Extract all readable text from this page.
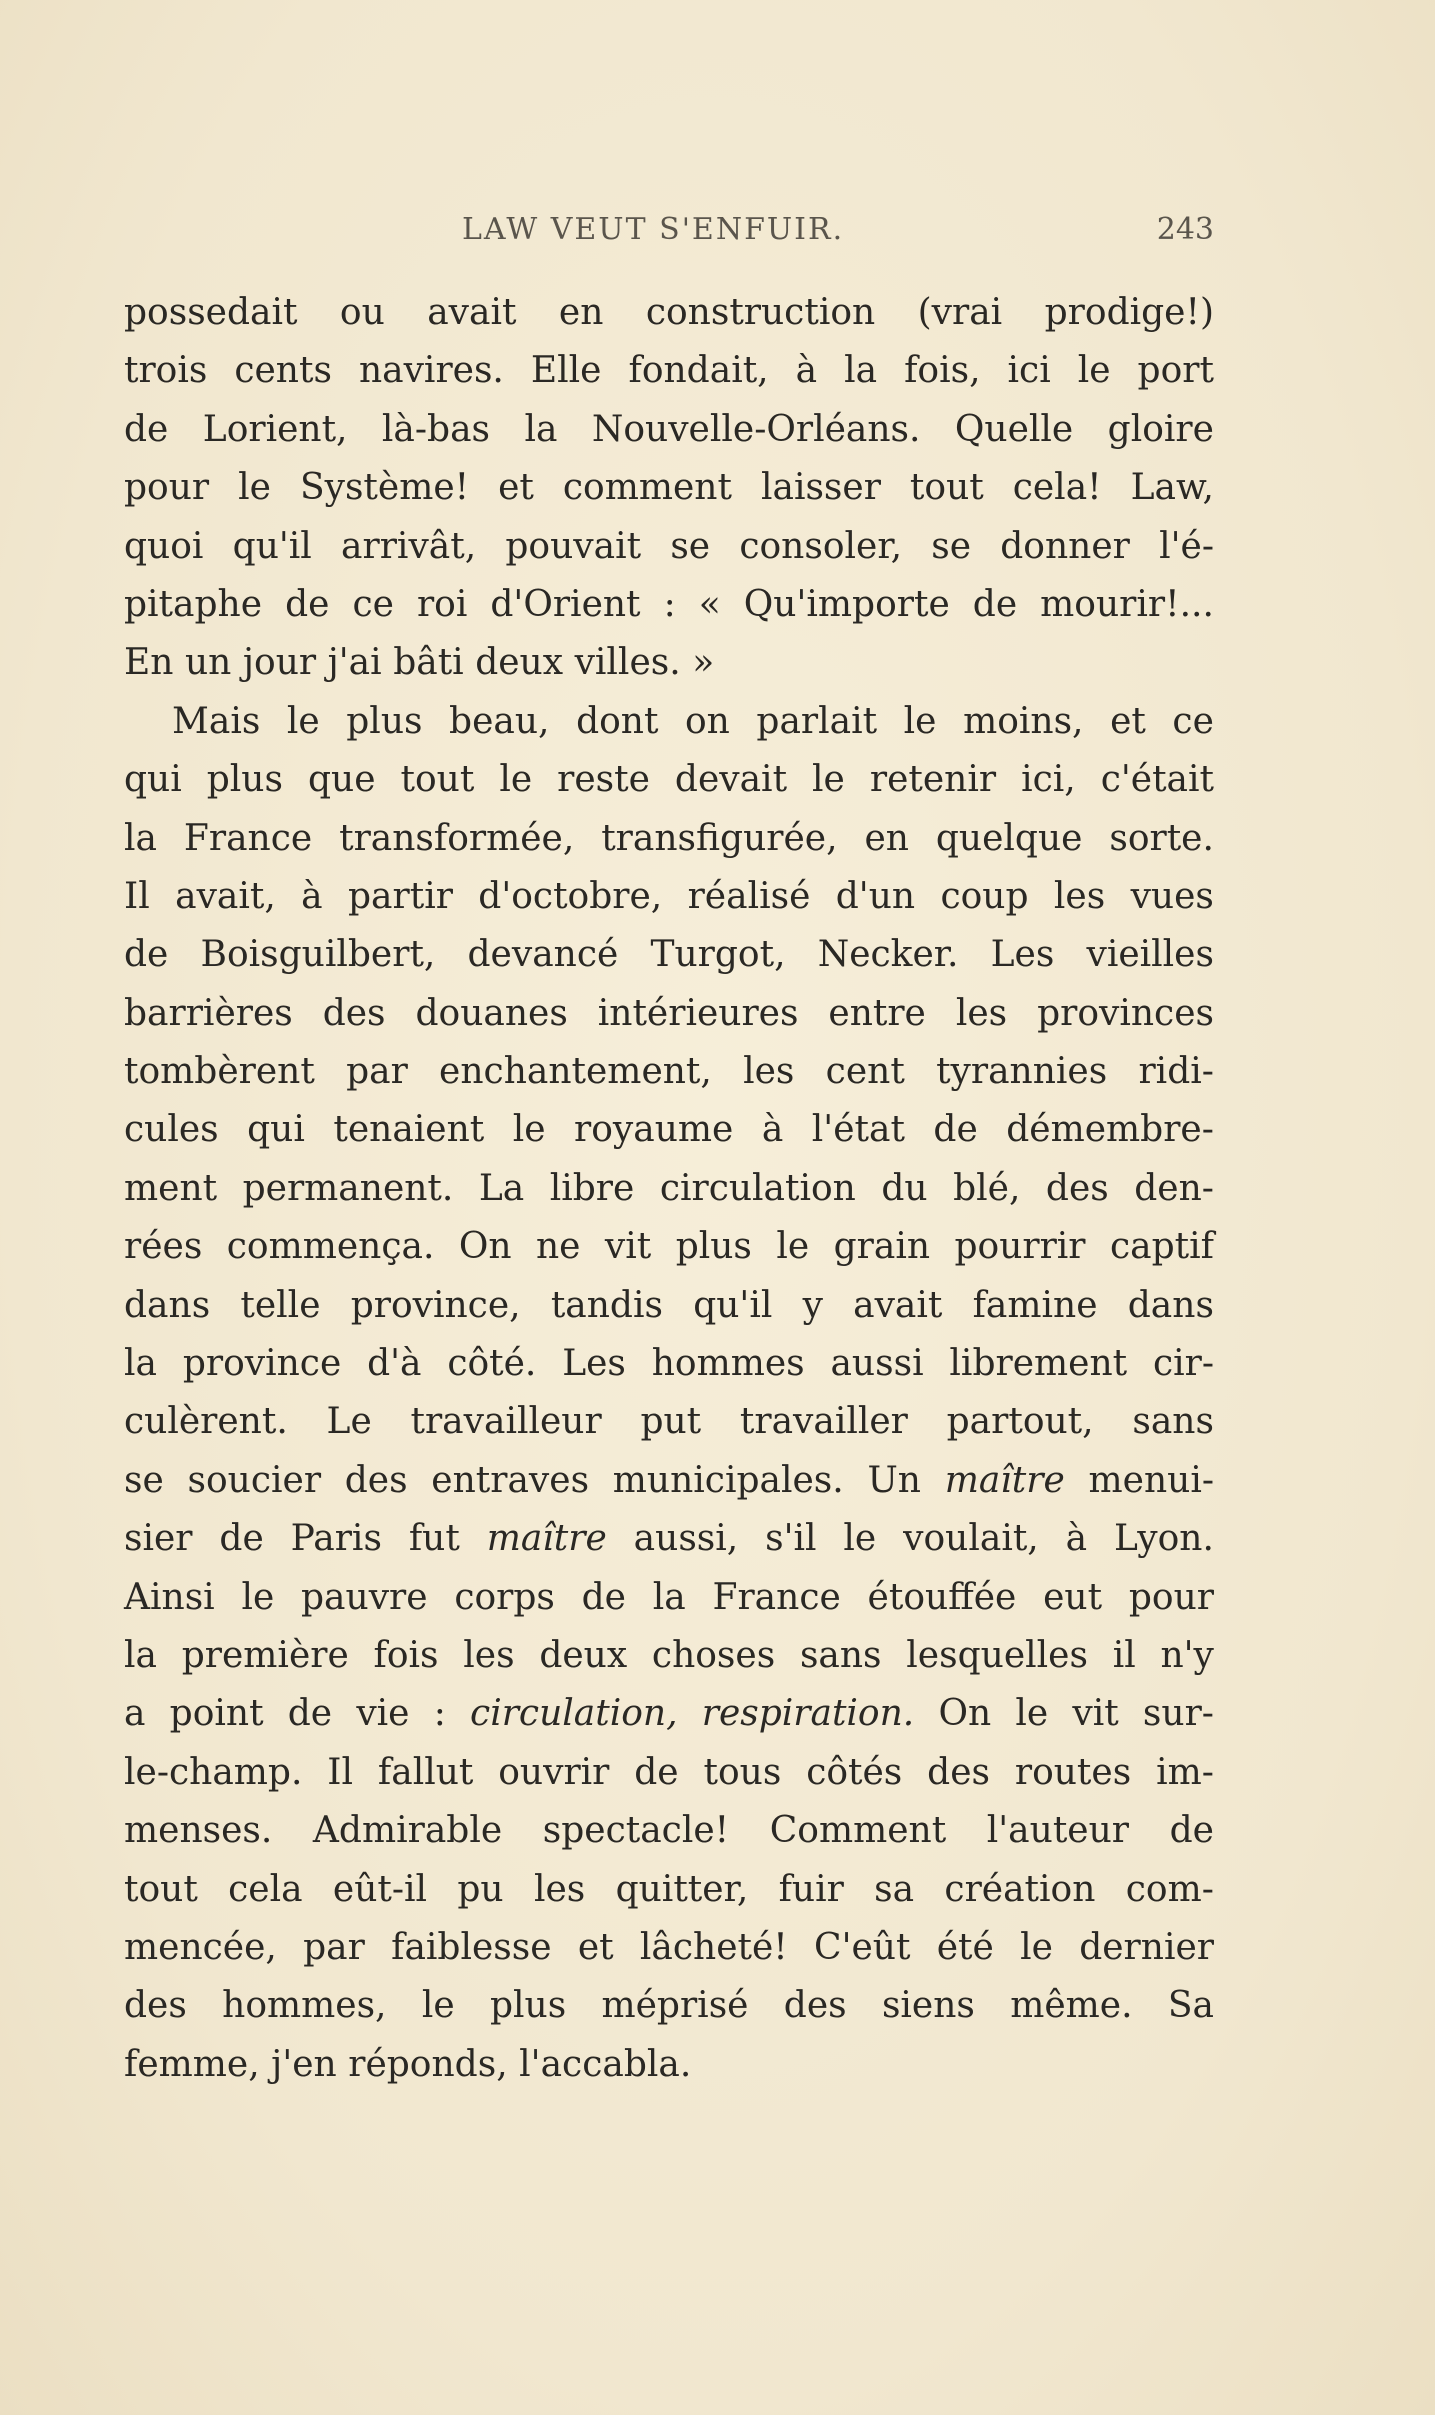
LAW VEUT S'ENFUIR.	243
possedait ou avait en construction (vrai prodige!)
trois cents navires. Elle fondait, à la fois, ici le port
de Lorient, là-bas la Nouvelle-Orléans. Quelle gloire
pour le Système! et comment laisser tout cela! Law,
quoi qu'il arrivât, pouvait se consoler, se donner l'é-
pitaphe de ce roi d'Orient : « Qu'importe de mourir!...
En un jour j'ai bâti deux villes. »
Mais le plus beau, dont on parlait le moins, et ce
qui plus que tout le reste devait le retenir ici, c'était
la France transformée, transfigurée, en quelque sorte.
Il avait, à partir d'octobre, réalisé d'un coup les vues
de Boisguilbert, devancé Turgot, Necker. Les vieilles
barrières des douanes intérieures entre les provinces
tombèrent par enchantement, les cent tyrannies ridi-
cules qui tenaient le royaume à l'état de démembre-
ment permanent. La libre circulation du blé, des den-
rées commença. On ne vit plus le grain pourrir captif
dans telle province, tandis qu'il y avait famine dans
la province d'à côté. Les hommes aussi librement cir-
culèrent. Le travailleur put travailler partout, sans
se soucier des entraves municipales. Un maître menui-
sier de Paris fut maître aussi, s'il le voulait, à Lyon.
Ainsi le pauvre corps de la France étouffée eut pour
la première fois les deux choses sans lesquelles il n'y
a point de vie : circulation, respiration. On le vit sur-
le-champ. Il fallut ouvrir de tous côtés des routes im-
menses. Admirable spectacle! Comment l'auteur de
tout cela eût-il pu les quitter, fuir sa création com-
mencée, par faiblesse et lâcheté! C'eût été le dernier
des hommes, le plus méprisé des siens même. Sa
femme, j'en réponds, l'accabla.
